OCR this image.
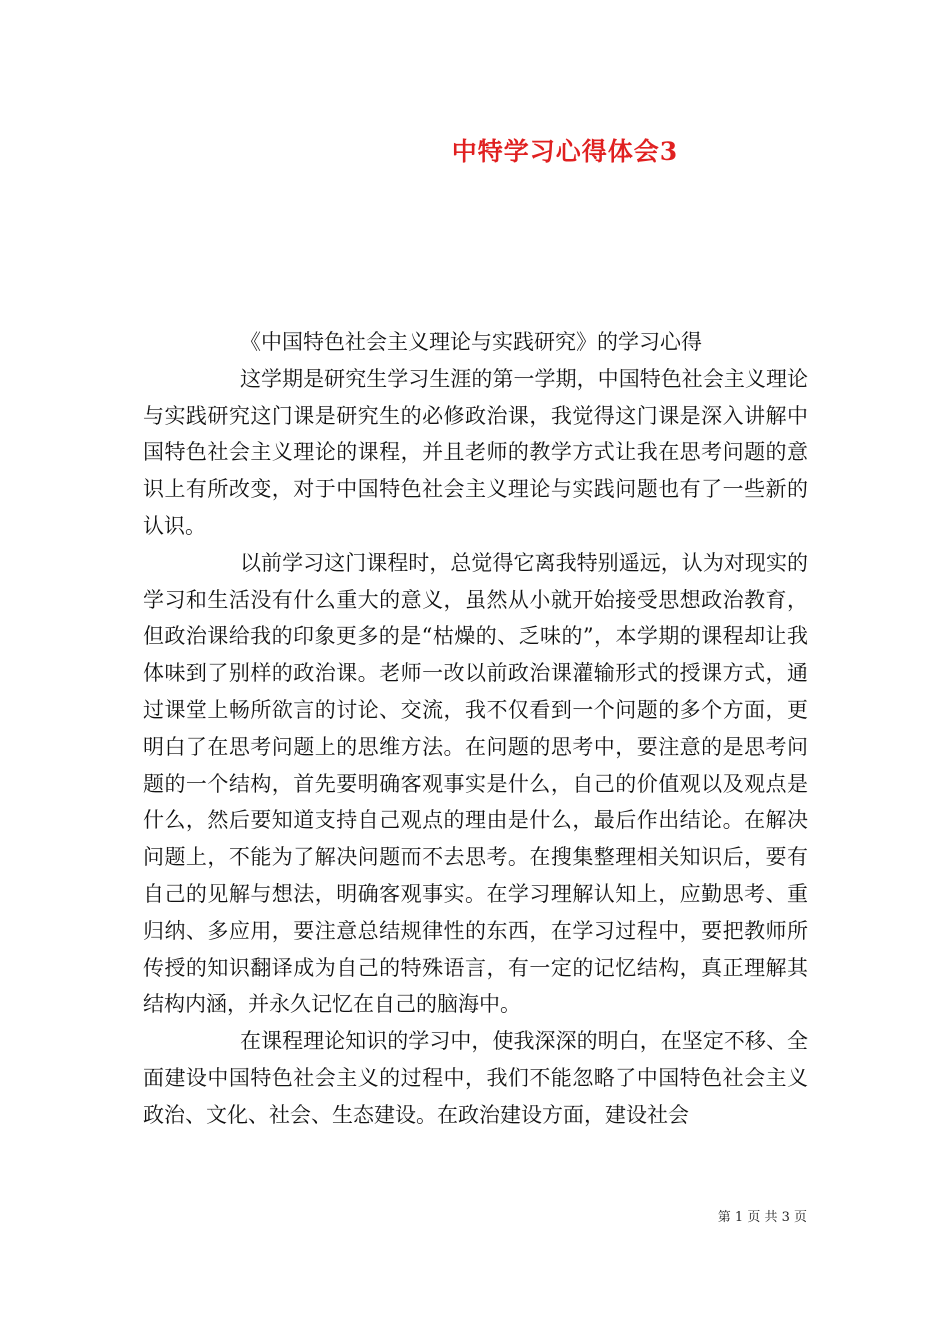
中特学习心得体会3

《中国特色社会主义理论与实践研究》的学习心得

这学期是研究生学习生涯的第一学期，中国特色社会主义理论与实践研究这门课是研究生的必修政治课，我觉得这门课是深入讲解中国特色社会主义理论的课程，并且老师的教学方式让我在思考问题的意识上有所改变，对于中国特色社会主义理论与实践问题也有了一些新的认识。

以前学习这门课程时，总觉得它离我特别遥远，认为对现实的学习和生活没有什么重大的意义，虽然从小就开始接受思想政治教育，但政治课给我的印象更多的是“枯燥的、乏味的”，本学期的课程却让我体味到了别样的政治课。老师一改以前政治课灌输形式的授课方式，通过课堂上畅所欲言的讨论、交流，我不仅看到一个问题的多个方面，更明白了在思考问题上的思维方法。在问题的思考中，要注意的是思考问题的一个结构，首先要明确客观事实是什么，自己的价值观以及观点是什么，然后要知道支持自己观点的理由是什么，最后作出结论。在解决问题上，不能为了解决问题而不去思考。在搜集整理相关知识后，要有自己的见解与想法，明确客观事实。在学习理解认知上，应勤思考、重归纳、多应用，要注意总结规律性的东西，在学习过程中，要把教师所传授的知识翻译成为自己的特殊语言，有一定的记忆结构，真正理解其结构内涵，并永久记忆在自己的脑海中。

在课程理论知识的学习中，使我深深的明白，在坚定不移、全面建设中国特色社会主义的过程中，我们不能忽略了中国特色社会主义政治、文化、社会、生态建设。在政治建设方面，建设社会

第 1 页 共 3 页
